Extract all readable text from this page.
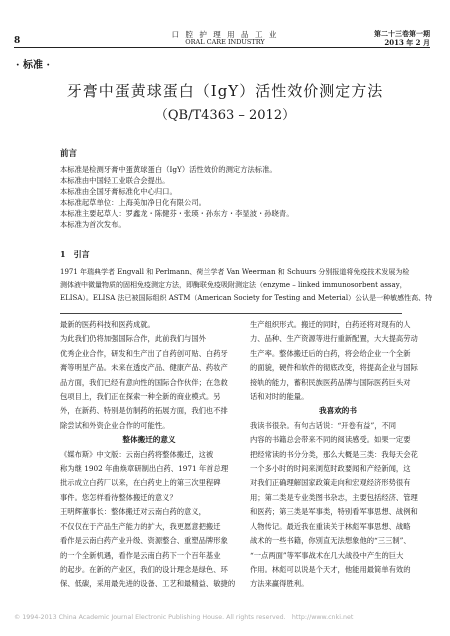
8
口 腔 护 理 用 品 工 业
ORAL CARE INDUSTRY
第二十三卷第一期
2013 年 2 月
· 标准 ·
牙膏中蛋黄球蛋白（IgY）活性效价测定方法
（QB/T4363 – 2012）
前言
本标准是检测牙膏中蛋黄球蛋白（IgY）活性效价的测定方法标准。
本标准由中国轻工业联合会提出。
本标准由全国牙膏标准化中心归口。
本标准起草单位：上海美加净日化有限公司。
本标准主要起草人：罗鑫龙・陈健芬・张瑛・孙东方・李显波・孙晓青。
本标准为首次发布。
1　引言
1971 年瑞典学者 Engvall 和 Perlmann、荷兰学者 Van Weerman 和 Schuurs 分别报道将免疫技术发展为检
测体液中微量物质的固相免疫测定方法，即酶联免疫吸附测定法（enzyme – linked immunosorbent assay，
ELISA）。ELISA 法已被国际组织 ASTM（American Society for Testing and Meterial）公认是一种敏感性高、特
最新的医药科技和医药成就。
为此我们仍将加强国际合作，此前我们与国外
优秀企业合作，研发和生产出了自药创可贴、白药牙
膏等明星产品。未来在透皮产品、健康产品、药妆产
品方面，我们已经有意向性的国际合作伙伴；在急救
包项目上，我们正在探索一种全新的商业模式。另
外，在新药、特别是仿制药的拓展方面，我们也不排
除尝试和外资企业合作的可能性。
整体搬迁的意义
《媒布斯》中文版：云南白药将整体搬迁，这被
称为继 1902 年曲焕章研制出白药、1971 年首总理
批示成立白药厂以来，在白药史上的第三次里程碑
事件。您怎样看待整体搬迁的意义？
王明辉董事长：整体搬迁对云南白药的意义，
不仅仅在于产品生产能力的扩大，我更愿意把搬迁
看作是云南白药产业升级、资源整合、重塑品牌形象
的一个全新机遇，看作是云南白药下一个百年基业
的起步。在新的产业区，我们的设计理念是绿色、环
保、低碳，采用最先进的设备、工艺和最精益、敏捷的
生产组织形式。搬迁的同时，白药还将对现有的人
力、品种、生产资源等进行重新配置，大大提高劳动
生产率。整体搬迁后的白药，将会给企业一个全新
的面貌，硬件和软件的彻底改变，将提高企业与国际
接轨的能力，蓄积民族医药品牌与国际医药巨头对
话和对时的能量。
我喜欢的书
我读书很杂。有句古话说：“开卷有益”，不同
内容的书籍总会带来不同的阅读感受。如果一定要
把经常读的书分分类，那么大概是三类：我每天会花
一个多小时的时间来浏览时政要闻和产经新闻，这
对我们正确理解国家政策走向和宏观经济形势很有
用；第二类是专业类图书杂志，主要包括经济、管理
和医药；第三类是军事类，特别看军事思想、战例和
人物传记。最近我在重读关于林彪军事思想、战略
战术的一些书籍，你別直无法想象他的“三三制”、
“一点两面”等军事战术在几大战役中产生的巨大
作用。林彪可以说是个天才，他能用最简单有效的
方法来赢得胜利。
© 1994-2013 China Academic Journal Electronic Publishing House. All rights reserved.　http://www.cnki.net
